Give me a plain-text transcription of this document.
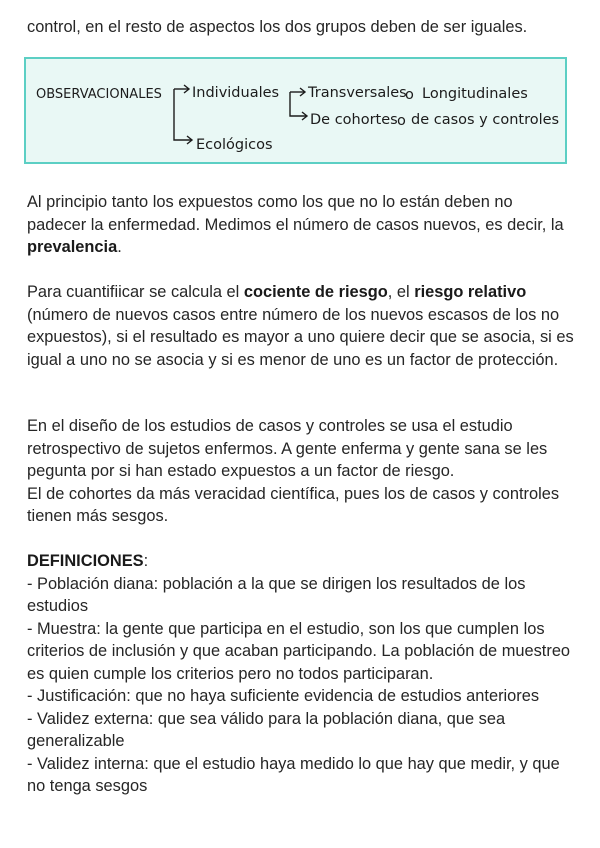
control, en el resto de aspectos los dos grupos deben de ser iguales.

OBSERVACIONALES Individuales
Ecológicos
Transversales
o Longitudinales
De cohortes o de casos y controles

Al principio tanto los expuestos como los que no lo están deben no padecer la enfermedad. Medimos el número de casos nuevos, es decir, la prevalencia.

Para cuantifiicar se calcula el cociente de riesgo, el riesgo relativo (número de nuevos casos entre número de los nuevos escasos de los no expuestos), si el resultado es mayor a uno quiere decir que se asocia, si es igual a uno no se asocia y si es menor de uno es un factor de protección.

En el diseño de los estudios de casos y controles se usa el estudio retrospectivo de sujetos enfermos. A gente enferma y gente sana se les pegunta por si han estado expuestos a un factor de riesgo.

El de cohortes da más veracidad científica, pues los de casos y controles tienen más sesgos.

DEFINICIONES:

- Población diana: población a la que se dirigen los resultados de los estudios

- Muestra: la gente que participa en el estudio, son los que cumplen los criterios de inclusión y que acaban participando. La población de muestreo es quien cumple los criterios pero no todos participaran.

- Justificación: que no haya suficiente evidencia de estudios anteriores

- Validez externa: que sea válido para la población diana, que sea generalizable

- Validez interna: que el estudio haya medido lo que hay que medir, y que no tenga sesgos
